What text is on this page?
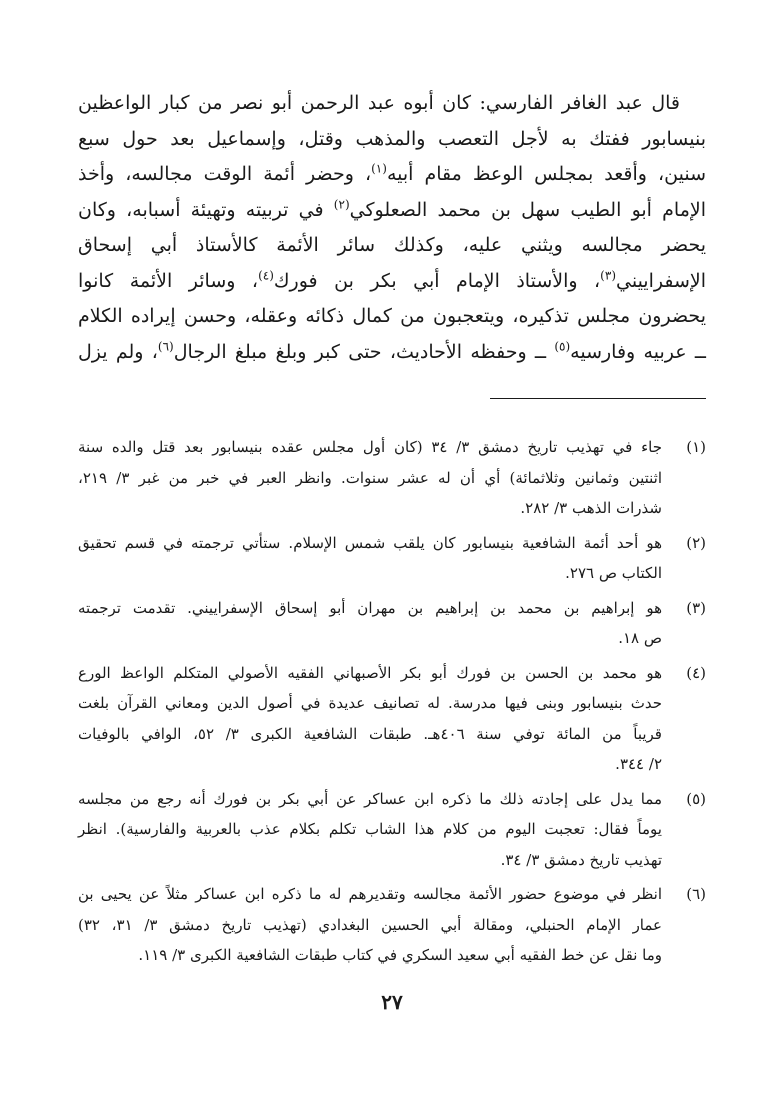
قال عبد الغافر الفارسي: كان أبوه عبد الرحمن أبو نصر من كبار الواعظين
بنيسابور ففتك به لأجل التعصب والمذهب وقتل، وإسماعيل بعد حول سبع
سنين، وأقعد بمجلس الوعظ مقام أبيه$^{(١)}$، وحضر أئمة الوقت مجالسه، وأخذ
الإمام أبو الطيب سهل بن محمد الصعلوكي$^{(٢)}$ في تربيته وتهيئة أسبابه، وكان
يحضر مجالسه ويثني عليه، وكذلك سائر الأئمة كالأستاذ أبي إسحاق
الإسفراييني$^{(٣)}$، والأستاذ الإمام أبي بكر بن فورك$^{(٤)}$، وسائر الأئمة كانوا
يحضرون مجلس تذكيره، ويتعجبون من كمال ذكائه وعقله، وحسن إيراده الكلام
ــ عربيه وفارسيه$^{(٥)}$ ــ وحفظه الأحاديث، حتى كبر وبلغ مبلغ الرجال$^{(٦)}$، ولم يزل
(١)
جاء في تهذيب تاريخ دمشق ٣/ ٣٤ (كان أول مجلس عقده بنيسابور بعد قتل والده سنة
اثنتين وثمانين وثلاثمائة) أي أن له عشر سنوات. وانظر العبر في خبر من غبر ٣/ ٢١٩،
شذرات الذهب ٣/ ٢٨٢.
(٢)
هو أحد أئمة الشافعية بنيسابور كان يلقب شمس الإسلام. ستأتي ترجمته في قسم تحقيق
الكتاب ص ٢٧٦.
(٣)
هو إبراهيم بن محمد بن إبراهيم بن مهران أبو إسحاق الإسفراييني. تقدمت ترجمته
ص ١٨.
(٤)
هو محمد بن الحسن بن فورك أبو بكر الأصبهاني الفقيه الأصولي المتكلم الواعظ الورع
حدث بنيسابور وبنى فيها مدرسة. له تصانيف عديدة في أصول الدين ومعاني القرآن بلغت
قريباً من المائة توفي سنة ٤٠٦هـ. طبقات الشافعية الكبرى ٣/ ٥٢، الوافي بالوفيات
٢/ ٣٤٤.
(٥)
مما يدل على إجادته ذلك ما ذكره ابن عساكر عن أبي بكر بن فورك أنه رجع من مجلسه
يوماً فقال: تعجبت اليوم من كلام هذا الشاب تكلم بكلام عذب بالعربية والفارسية). انظر
تهذيب تاريخ دمشق ٣/ ٣٤.
(٦)
انظر في موضوع حضور الأئمة مجالسه وتقديرهم له ما ذكره ابن عساكر مثلاً عن يحيى بن
عمار الإمام الحنبلي، ومقالة أبي الحسين البغدادي (تهذيب تاريخ دمشق ٣/ ٣١، ٣٢)
وما نقل عن خط الفقيه أبي سعيد السكري في كتاب طبقات الشافعية الكبرى ٣/ ١١٩.
٢٧
